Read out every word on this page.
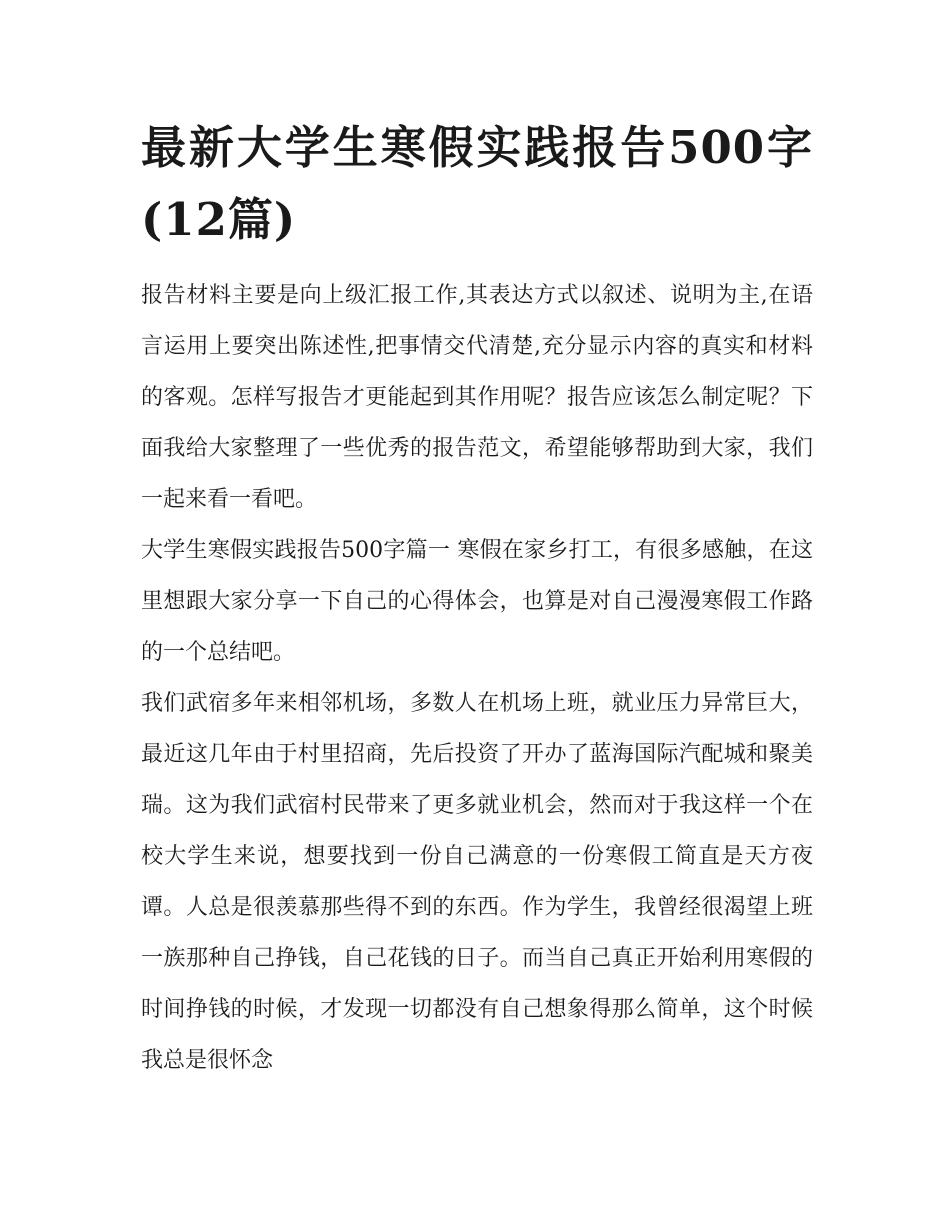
最新大学生寒假实践报告500字(12篇)

报告材料主要是向上级汇报工作,其表达方式以叙述、说明为主,在语言运用上要突出陈述性,把事情交代清楚,充分显示内容的真实和材料的客观。怎样写报告才更能起到其作用呢？报告应该怎么制定呢？下面我给大家整理了一些优秀的报告范文，希望能够帮助到大家，我们一起来看一看吧。

大学生寒假实践报告500字篇一 寒假在家乡打工，有很多感触，在这里想跟大家分享一下自己的心得体会，也算是对自己漫漫寒假工作路的一个总结吧。

我们武宿多年来相邻机场，多数人在机场上班，就业压力异常巨大，最近这几年由于村里招商，先后投资了开办了蓝海国际汽配城和聚美瑞。这为我们武宿村民带来了更多就业机会，然而对于我这样一个在校大学生来说，想要找到一份自己满意的一份寒假工简直是天方夜谭。人总是很羡慕那些得不到的东西。作为学生，我曾经很渴望上班一族那种自己挣钱，自己花钱的日子。而当自己真正开始利用寒假的时间挣钱的时候，才发现一切都没有自己想象得那么简单，这个时候我总是很怀念
